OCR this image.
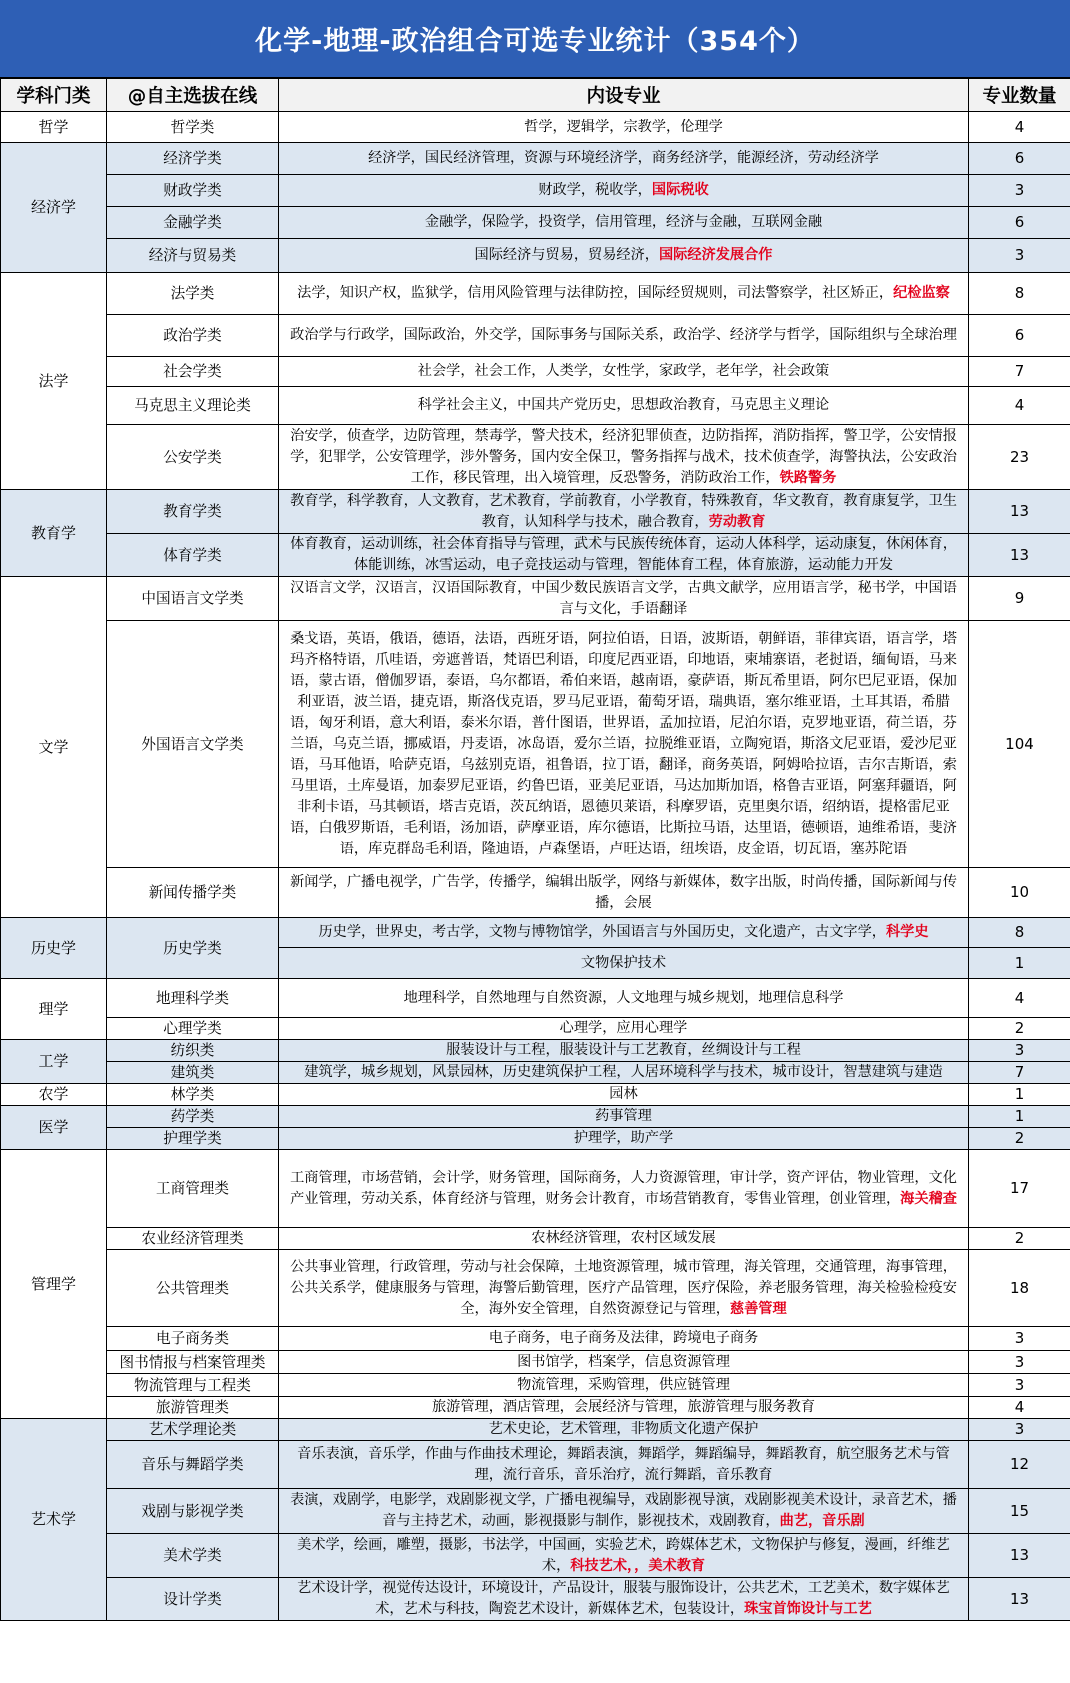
化学-地理-政治组合可选专业统计（354个）
学科门类	@自主选拔在线	内设专业	专业数量
哲学	哲学类	哲学，逻辑学，宗教学，伦理学	4
经济学	经济学类	经济学，国民经济管理，资源与环境经济学，商务经济学，能源经济，劳动经济学	6
	财政学类	财政学，税收学，国际税收	3
	金融学类	金融学，保险学，投资学，信用管理，经济与金融，互联网金融	6
	经济与贸易类	国际经济与贸易，贸易经济，国际经济发展合作	3
法学	法学类	法学，知识产权，监狱学，信用风险管理与法律防控，国际经贸规则，司法警察学，社区矫正，纪检监察	8
	政治学类	政治学与行政学，国际政治，外交学，国际事务与国际关系，政治学、经济学与哲学，国际组织与全球治理	6
	社会学类	社会学，社会工作，人类学，女性学，家政学，老年学，社会政策	7
	马克思主义理论类	科学社会主义，中国共产党历史，思想政治教育，马克思主义理论	4
	公安学类	治安学，侦查学，边防管理，禁毒学，警犬技术，经济犯罪侦查，边防指挥，消防指挥，警卫学，公安情报学，犯罪学，公安管理学，涉外警务，国内安全保卫，警务指挥与战术，技术侦查学，海警执法，公安政治工作，移民管理，出入境管理，反恐警务，消防政治工作，铁路警务	23
教育学	教育学类	教育学，科学教育，人文教育，艺术教育，学前教育，小学教育，特殊教育，华文教育，教育康复学，卫生教育，认知科学与技术，融合教育，劳动教育	13
	体育学类	体育教育，运动训练，社会体育指导与管理，武术与民族传统体育，运动人体科学，运动康复，休闲体育，体能训练，冰雪运动，电子竞技运动与管理，智能体育工程，体育旅游，运动能力开发	13
文学	中国语言文学类	汉语言文学，汉语言，汉语国际教育，中国少数民族语言文学，古典文献学，应用语言学，秘书学，中国语言与文化，手语翻译	9
	外国语言文学类	桑戈语，英语，俄语，德语，法语，西班牙语，阿拉伯语，日语，波斯语，朝鲜语，菲律宾语，语言学，塔玛齐格特语，爪哇语，旁遮普语，梵语巴利语，印度尼西亚语，印地语，柬埔寨语，老挝语，缅甸语，马来语，蒙古语，僧伽罗语，泰语，乌尔都语，希伯来语，越南语，豪萨语，斯瓦希里语，阿尔巴尼亚语，保加利亚语，波兰语，捷克语，斯洛伐克语，罗马尼亚语，葡萄牙语，瑞典语，塞尔维亚语，土耳其语，希腊语，匈牙利语，意大利语，泰米尔语，普什图语，世界语，孟加拉语，尼泊尔语，克罗地亚语，荷兰语，芬兰语，乌克兰语，挪威语，丹麦语，冰岛语，爱尔兰语，拉脱维亚语，立陶宛语，斯洛文尼亚语，爱沙尼亚语，马耳他语，哈萨克语，乌兹别克语，祖鲁语，拉丁语，翻译，商务英语，阿姆哈拉语，吉尔吉斯语，索马里语，土库曼语，加泰罗尼亚语，约鲁巴语，亚美尼亚语，马达加斯加语，格鲁吉亚语，阿塞拜疆语，阿非利卡语，马其顿语，塔吉克语，茨瓦纳语，恩德贝莱语，科摩罗语，克里奥尔语，绍纳语，提格雷尼亚语，白俄罗斯语，毛利语，汤加语，萨摩亚语，库尔德语，比斯拉马语，达里语，德顿语，迪维希语，斐济语，库克群岛毛利语，隆迪语，卢森堡语，卢旺达语，纽埃语，皮金语，切瓦语，塞苏陀语	104
	新闻传播学类	新闻学，广播电视学，广告学，传播学，编辑出版学，网络与新媒体，数字出版，时尚传播，国际新闻与传播，会展	10
历史学	历史学类	历史学，世界史，考古学，文物与博物馆学，外国语言与外国历史，文化遗产，古文字学，科学史	8
		文物保护技术	1
理学	地理科学类	地理科学，自然地理与自然资源，人文地理与城乡规划，地理信息科学	4
	心理学类	心理学，应用心理学	2
工学	纺织类	服装设计与工程，服装设计与工艺教育，丝绸设计与工程	3
	建筑类	建筑学，城乡规划，风景园林，历史建筑保护工程，人居环境科学与技术，城市设计，智慧建筑与建造	7
农学	林学类	园林	1
医学	药学类	药事管理	1
	护理学类	护理学，助产学	2
管理学	工商管理类	工商管理，市场营销，会计学，财务管理，国际商务，人力资源管理，审计学，资产评估，物业管理，文化产业管理，劳动关系，体育经济与管理，财务会计教育，市场营销教育，零售业管理，创业管理，海关稽查	17
	农业经济管理类	农林经济管理，农村区域发展	2
	公共管理类	公共事业管理，行政管理，劳动与社会保障，土地资源管理，城市管理，海关管理，交通管理，海事管理，公共关系学，健康服务与管理，海警后勤管理，医疗产品管理，医疗保险，养老服务管理，海关检验检疫安全，海外安全管理，自然资源登记与管理，慈善管理	18
	电子商务类	电子商务，电子商务及法律，跨境电子商务	3
	图书情报与档案管理类	图书馆学，档案学，信息资源管理	3
	物流管理与工程类	物流管理，采购管理，供应链管理	3
	旅游管理类	旅游管理，酒店管理，会展经济与管理，旅游管理与服务教育	4
艺术学	艺术学理论类	艺术史论，艺术管理，非物质文化遗产保护	3
	音乐与舞蹈学类	音乐表演，音乐学，作曲与作曲技术理论，舞蹈表演，舞蹈学，舞蹈编导，舞蹈教育，航空服务艺术与管理，流行音乐，音乐治疗，流行舞蹈，音乐教育	12
	戏剧与影视学类	表演，戏剧学，电影学，戏剧影视文学，广播电视编导，戏剧影视导演，戏剧影视美术设计，录音艺术，播音与主持艺术，动画，影视摄影与制作，影视技术，戏剧教育，曲艺，音乐剧	15
	美术学类	美术学，绘画，雕塑，摄影，书法学，中国画，实验艺术，跨媒体艺术，文物保护与修复，漫画，纤维艺术，科技艺术，，美术教育	13
	设计学类	艺术设计学，视觉传达设计，环境设计，产品设计，服装与服饰设计，公共艺术，工艺美术，数字媒体艺术，艺术与科技，陶瓷艺术设计，新媒体艺术，包装设计，珠宝首饰设计与工艺	13
